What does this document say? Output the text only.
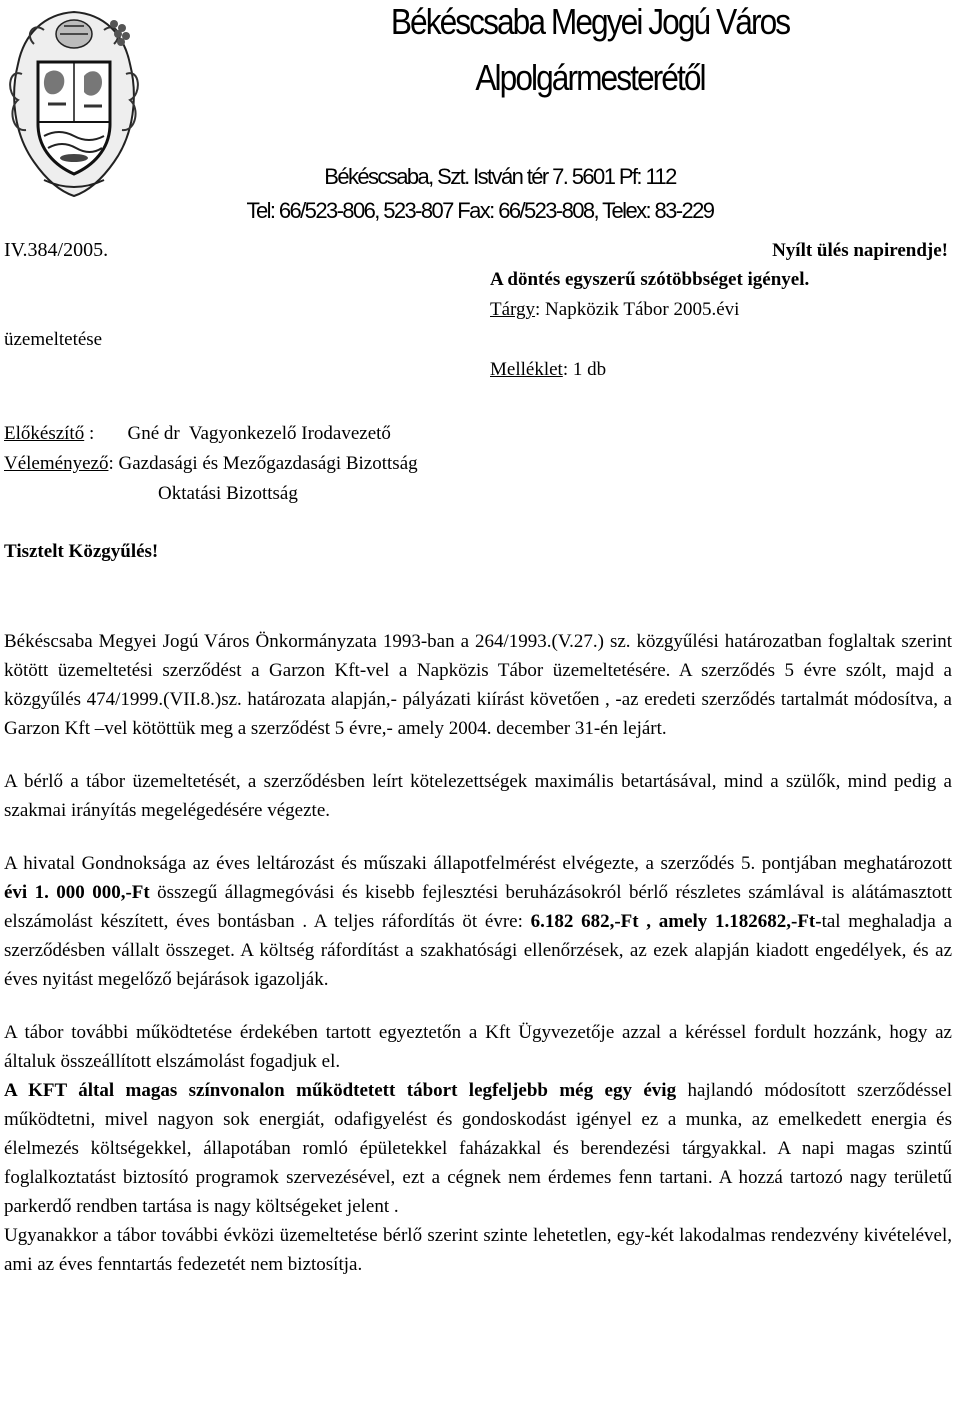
Békéscsaba Megyei Jogú Város
Alpolgármesterétől
Békéscsaba, Szt. István tér 7. 5601 Pf: 112
Tel: 66/523-806, 523-807 Fax: 66/523-808, Telex: 83-229
IV.384/2005.	Nyílt ülés napirendje!
A döntés egyszerű szótöbbséget igényel.
Tárgy: Napközik Tábor 2005.évi
üzemeltetése
Melléklet: 1 db
Előkészítő :       Gné dr  Vagyonkezelő Irodavezető
Véleményező: Gazdasági és Mezőgazdasági Bizottság
Oktatási Bizottság
Tisztelt Közgyűlés!

Békéscsaba Megyei Jogú Város Önkormányzata 1993-ban a 264/1993.(V.27.) sz. közgyűlési határozatban foglaltak szerint kötött üzemeltetési szerződést a Garzon Kft-vel a Napközis Tábor üzemeltetésére. A szerződés 5 évre szólt, majd a közgyűlés 474/1999.(VII.8.)sz. határozata alapján,- pályázati kiírást követően , -az eredeti szerződés tartalmát módosítva, a Garzon Kft –vel kötöttük meg a szerződést 5 évre,- amely 2004. december 31-én lejárt.

A bérlő a tábor üzemeltetését, a szerződésben leírt kötelezettségek maximális betartásával, mind a szülők, mind pedig a szakmai irányítás megelégedésére végezte.

A hivatal Gondnoksága az éves leltározást és műszaki állapotfelmérést elvégezte, a szerződés 5. pontjában meghatározott évi 1. 000 000,-Ft összegű állagmegóvási és kisebb fejlesztési beruházásokról bérlő részletes számlával is alátámasztott elszámolást készített, éves bontásban . A teljes ráfordítás öt évre: 6.182 682,-Ft , amely 1.182682,-Ft-tal meghaladja a szerződésben vállalt összeget. A költség ráfordítást a szakhatósági ellenőrzések, az ezek alapján kiadott engedélyek, és az éves nyitást megelőző bejárások igazolják.

A tábor további működtetése érdekében tartott egyeztetőn a Kft Ügyvezetője azzal a kéréssel fordult hozzánk, hogy az általuk összeállított elszámolást fogadjuk el.

A KFT által magas színvonalon működtetett tábort legfeljebb még egy évig hajlandó módosított szerződéssel működtetni, mivel nagyon sok energiát, odafigyelést és gondoskodást igényel ez a munka, az emelkedett energia és élelmezés költségekkel, állapotában romló épületekkel faházakkal és berendezési tárgyakkal. A napi magas szintű foglalkoztatást biztosító programok szervezésével, ezt a cégnek nem érdemes fenn tartani. A hozzá tartozó nagy területű parkerdő rendben tartása is nagy költségeket jelent .

Ugyanakkor a tábor további évközi üzemeltetése bérlő szerint szinte lehetetlen, egy-két lakodalmas rendezvény kivételével, ami az éves fenntartás fedezetét nem biztosítja.
